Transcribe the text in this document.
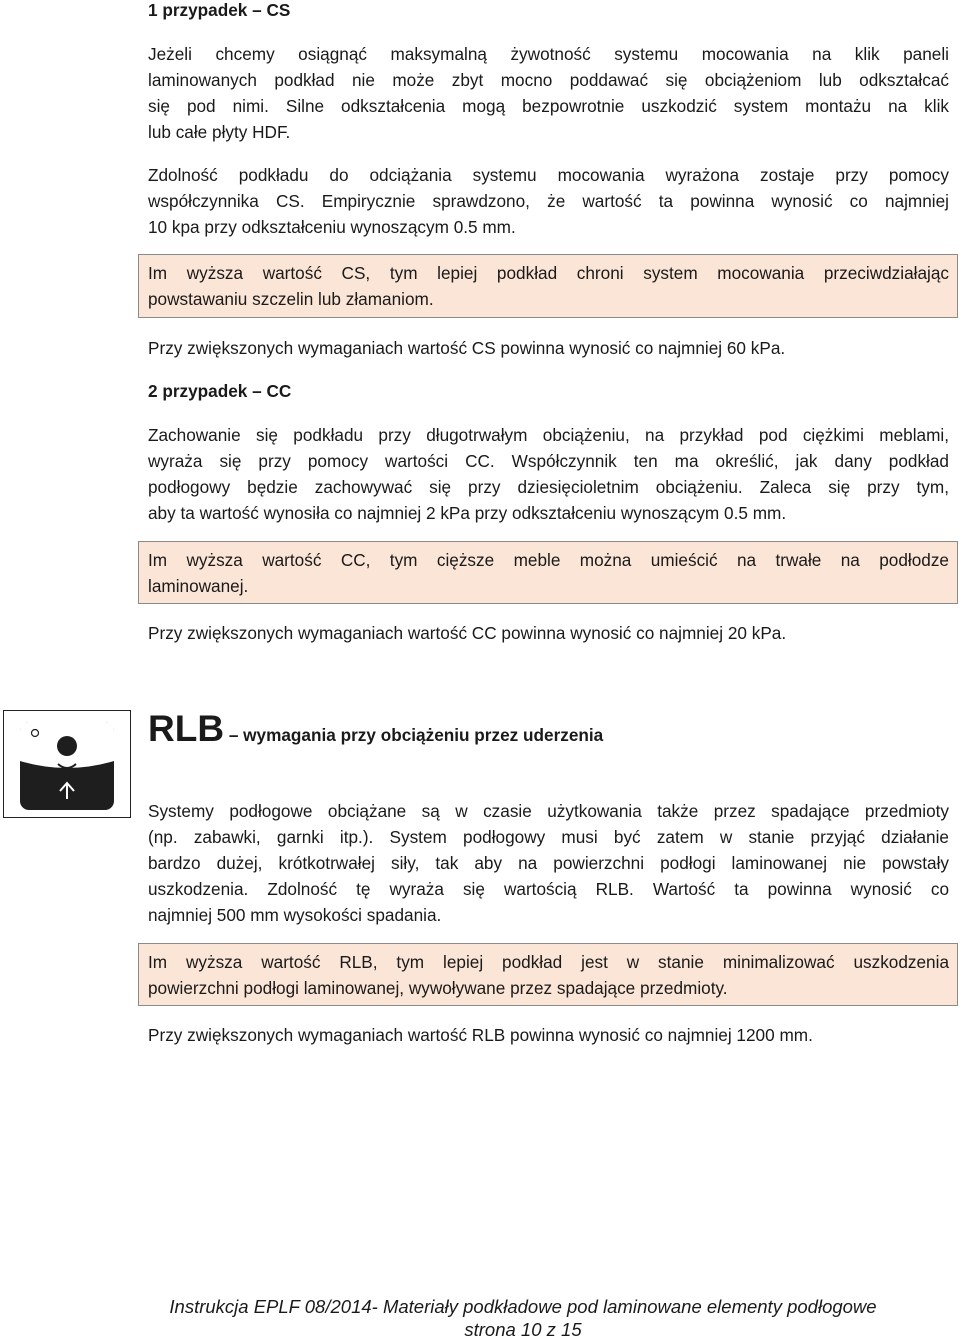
1 przypadek – CS

Jeżeli chcemy osiągnąć maksymalną żywotność systemu mocowania na klik paneli
laminowanych podkład nie może zbyt mocno poddawać się obciążeniom lub odkształcać
się pod nimi. Silne odkształcenia mogą bezpowrotnie uszkodzić system montażu na klik
lub całe płyty HDF.

Zdolność podkładu do odciążania systemu mocowania wyrażona zostaje przy pomocy
współczynnika CS. Empirycznie sprawdzono, że wartość ta powinna wynosić co najmniej
10 kpa przy odkształceniu wynoszącym 0.5 mm.

Im wyższa wartość CS, tym lepiej podkład chroni system mocowania przeciwdziałając
powstawaniu szczelin lub złamaniom.

Przy zwiększonych wymaganiach wartość CS powinna wynosić co najmniej 60 kPa.

2 przypadek – CC

Zachowanie się podkładu przy długotrwałym obciążeniu, na przykład pod ciężkimi meblami,
wyraża się przy pomocy wartości CC. Współczynnik ten ma określić, jak dany podkład
podłogowy będzie zachowywać się przy dziesięcioletnim obciążeniu. Zaleca się przy tym,
aby ta wartość wynosiła co najmniej 2 kPa przy odkształceniu wynoszącym 0.5 mm.

Im wyższa wartość CC, tym cięższe meble można umieścić na trwałe na podłodze
laminowanej.

Przy zwiększonych wymaganiach wartość CC powinna wynosić co najmniej 20 kPa.

RLB – wymagania przy obciążeniu przez uderzenia

Systemy podłogowe obciążane są w czasie użytkowania także przez spadające przedmioty
(np. zabawki, garnki itp.). System podłogowy musi być zatem w stanie przyjąć działanie
bardzo dużej, krótkotrwałej siły, tak aby na powierzchni podłogi laminowanej nie powstały
uszkodzenia. Zdolność tę wyraża się wartością RLB. Wartość ta powinna wynosić co
najmniej 500 mm wysokości spadania.

Im wyższa wartość RLB, tym lepiej podkład jest w stanie minimalizować uszkodzenia
powierzchni podłogi laminowanej, wywoływane przez spadające przedmioty.

Przy zwiększonych wymaganiach wartość RLB powinna wynosić co najmniej 1200 mm.

Instrukcja EPLF 08/2014- Materiały podkładowe pod laminowane elementy podłogowe
strona 10 z 15
